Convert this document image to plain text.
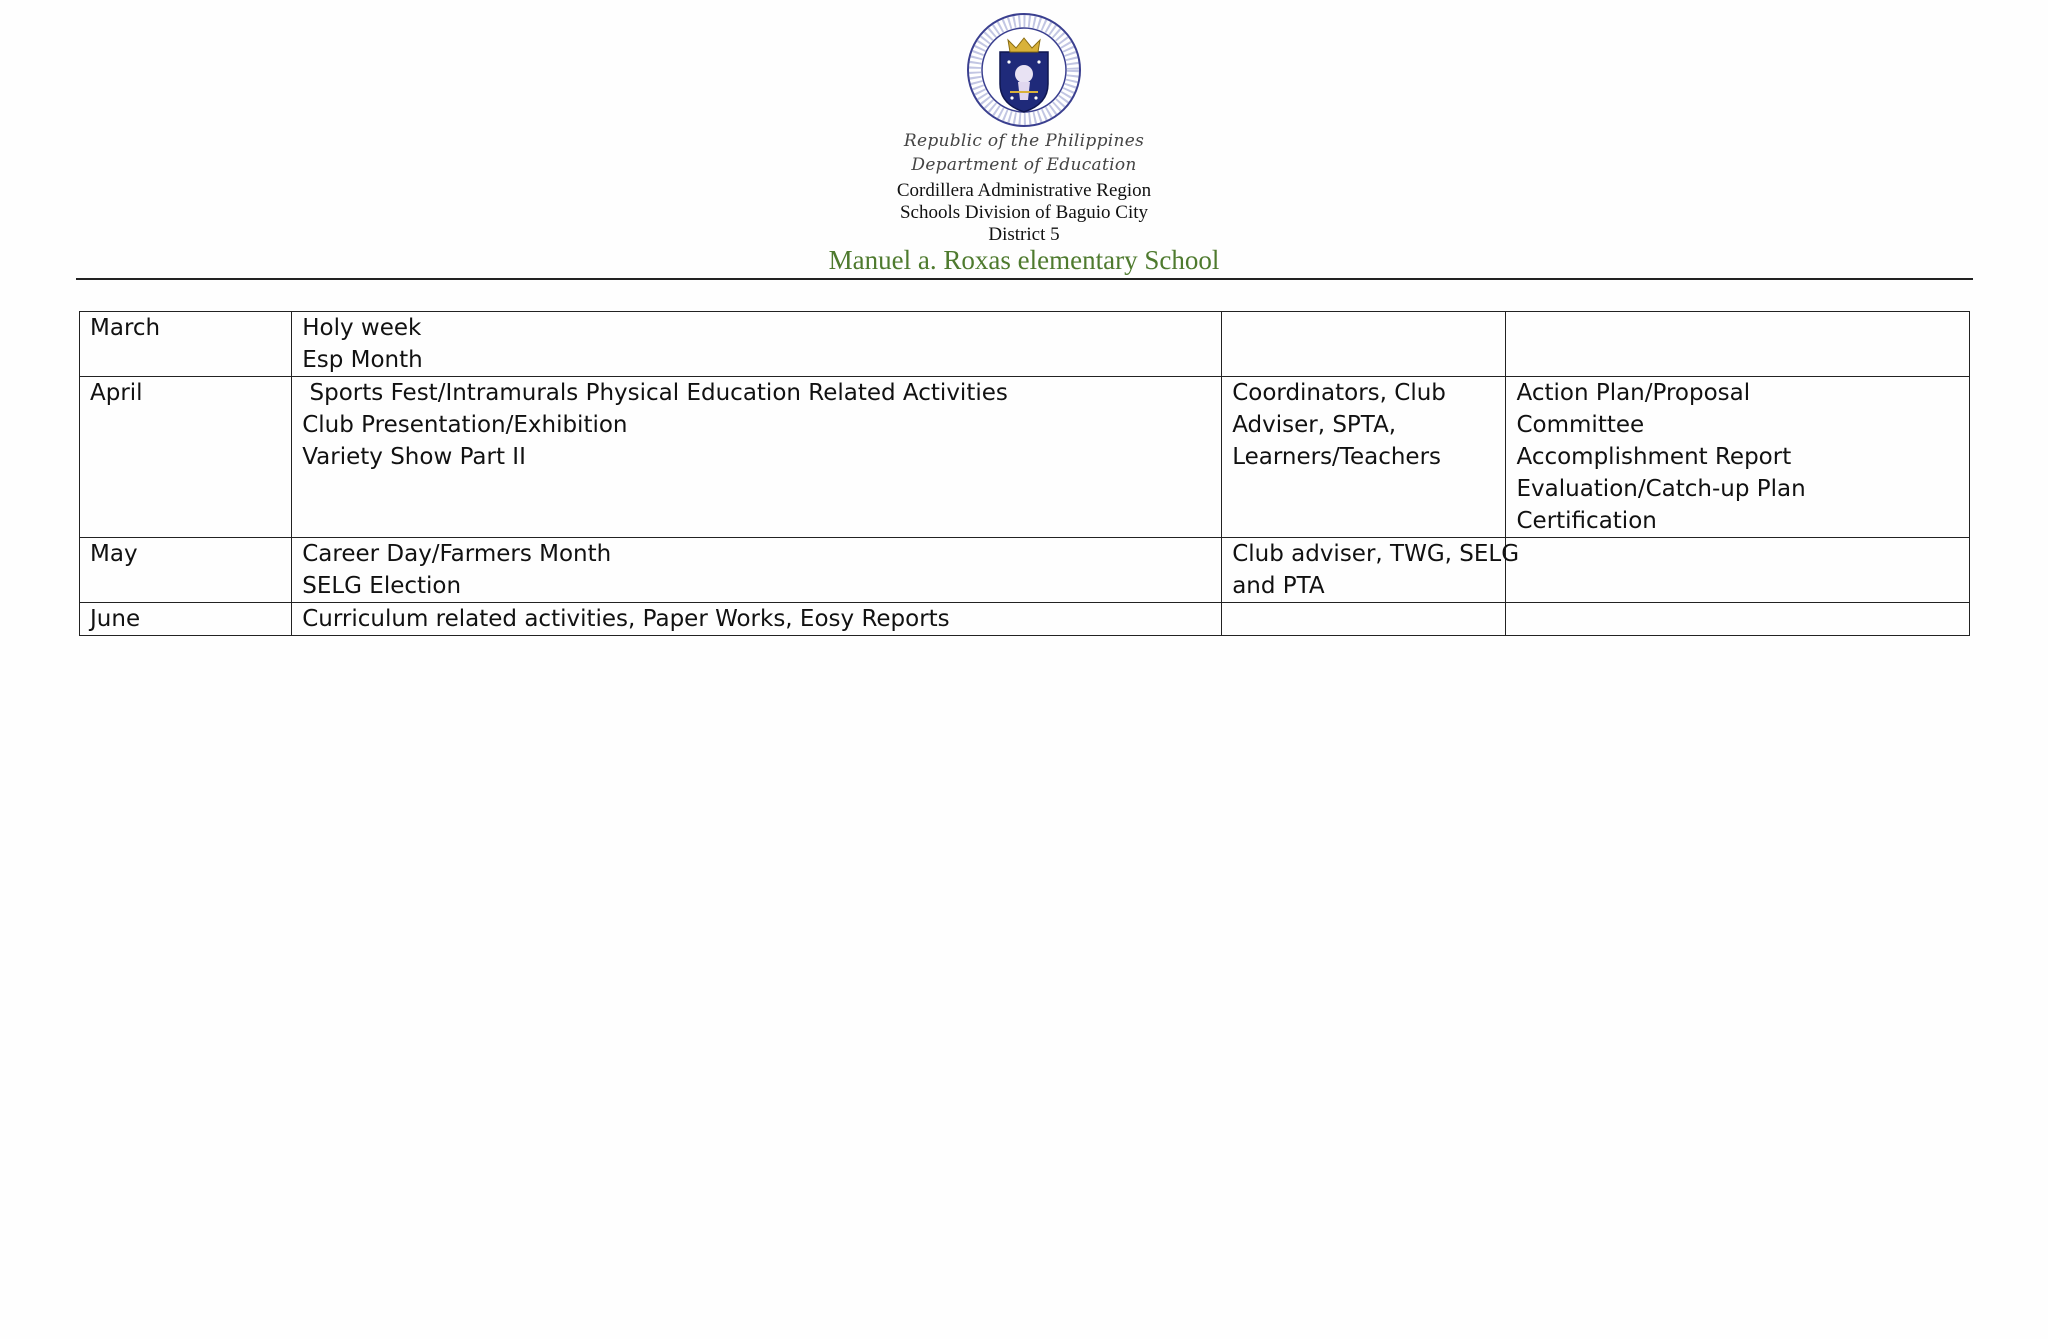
Republic of the Philippines
Department of Education
Cordillera Administrative Region
Schools Division of Baguio City
District 5
Manuel a. Roxas elementary School
March	Holy week
Esp Month		

April	Sports Fest/Intramurals Physical Education Related Activities
Club Presentation/Exhibition
Variety Show Part II	Coordinators, Club
Adviser, SPTA,
Learners/Teachers	Action Plan/Proposal
Committee
Accomplishment Report
Evaluation/Catch-up Plan
Certification

May	Career Day/Farmers Month
SELG Election	Club adviser, TWG, SELG
and PTA	

June	Curriculum related activities, Paper Works, Eosy Reports		
